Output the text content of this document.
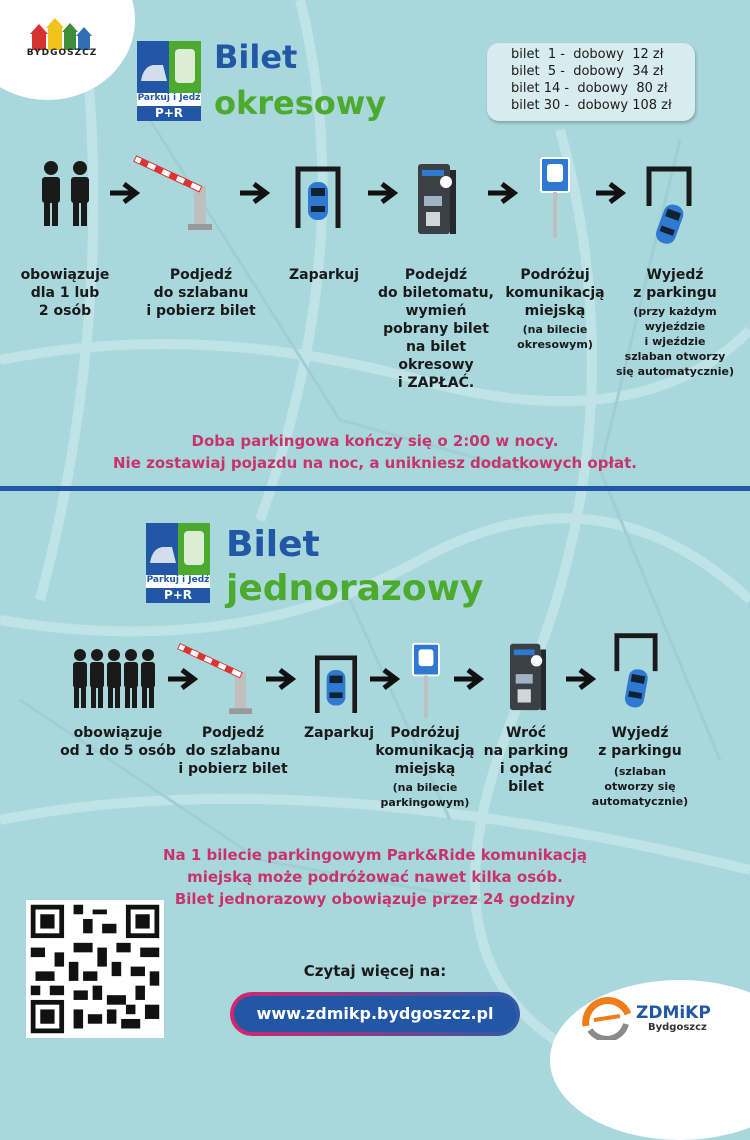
BYDGOSZCZ
Parkuj i Jedź
P+R
Bilet
okresowy
bilet  1 -  dobowy  12 zł
bilet  5 -  dobowy  34 zł
bilet 14 -  dobowy  80 zł
bilet 30 -  dobowy 108 zł
obowiązuje
dla 1 lub
2 osób
Podjedź
do szlabanu
i pobierz bilet
Zaparkuj	Podejdź
do biletomatu,
wymień
pobrany bilet
na bilet
okresowy
i ZAPŁAĆ.
Podróżuj
komunikacją
miejską
(na bilecie
okresowym)
Wyjedź
z parkingu
(przy każdym
wyjeździe
i wjeździe
szlaban otworzy
się automatycznie)
Doba parkingowa kończy się o 2:00 w nocy.
Nie zostawiaj pojazdu na noc, a unikniesz dodatkowych opłat.
Parkuj i Jedź
P+R
Bilet
jednorazowy
obowiązuje
od 1 do 5 osób
Podjedź
do szlabanu
i pobierz bilet
Zaparkuj	Podróżuj
komunikacją
miejską
(na bilecie
parkingowym)
Wróć
na parking
i opłać
bilet
Wyjedź
z parkingu
(szlaban
otworzy się
automatycznie)
Na 1 bilecie parkingowym Park&Ride komunikacją
miejską może podróżować nawet kilka osób.
Bilet jednorazowy obowiązuje przez 24 godziny
Czytaj więcej na:
www.zdmikp.bydgoszcz.pl	ZDMiKP
Bydgoszcz
